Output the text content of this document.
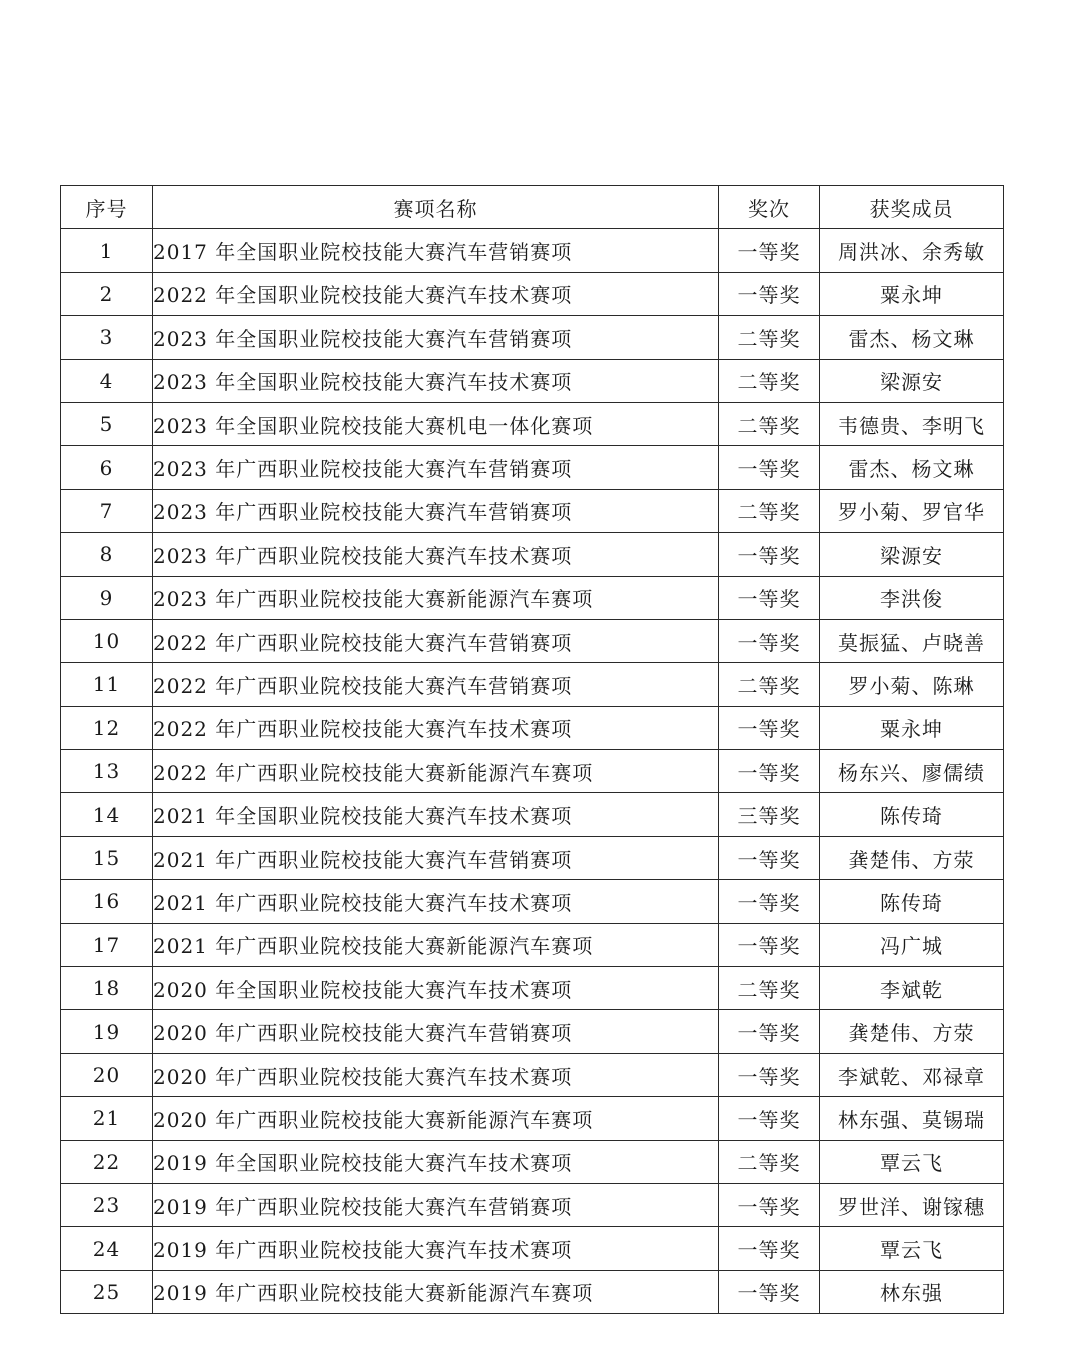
序号	赛项名称	奖次	获奖成员
1	2017 年全国职业院校技能大赛汽车营销赛项	一等奖	周洪冰、余秀敏
2	2022 年全国职业院校技能大赛汽车技术赛项	一等奖	粟永坤
3	2023 年全国职业院校技能大赛汽车营销赛项	二等奖	雷杰、杨文琳
4	2023 年全国职业院校技能大赛汽车技术赛项	二等奖	梁源安
5	2023 年全国职业院校技能大赛机电一体化赛项	二等奖	韦德贵、李明飞
6	2023 年广西职业院校技能大赛汽车营销赛项	一等奖	雷杰、杨文琳
7	2023 年广西职业院校技能大赛汽车营销赛项	二等奖	罗小菊、罗官华
8	2023 年广西职业院校技能大赛汽车技术赛项	一等奖	梁源安
9	2023 年广西职业院校技能大赛新能源汽车赛项	一等奖	李洪俊
10	2022 年广西职业院校技能大赛汽车营销赛项	一等奖	莫振猛、卢晓善
11	2022 年广西职业院校技能大赛汽车营销赛项	二等奖	罗小菊、陈琳
12	2022 年广西职业院校技能大赛汽车技术赛项	一等奖	粟永坤
13	2022 年广西职业院校技能大赛新能源汽车赛项	一等奖	杨东兴、廖儒绩
14	2021 年全国职业院校技能大赛汽车技术赛项	三等奖	陈传琦
15	2021 年广西职业院校技能大赛汽车营销赛项	一等奖	龚楚伟、方荥
16	2021 年广西职业院校技能大赛汽车技术赛项	一等奖	陈传琦
17	2021 年广西职业院校技能大赛新能源汽车赛项	一等奖	冯广城
18	2020 年全国职业院校技能大赛汽车技术赛项	二等奖	李斌乾
19	2020 年广西职业院校技能大赛汽车营销赛项	一等奖	龚楚伟、方荥
20	2020 年广西职业院校技能大赛汽车技术赛项	一等奖	李斌乾、邓禄章
21	2020 年广西职业院校技能大赛新能源汽车赛项	一等奖	林东强、莫锡瑞
22	2019 年全国职业院校技能大赛汽车技术赛项	二等奖	覃云飞
23	2019 年广西职业院校技能大赛汽车营销赛项	一等奖	罗世洋、谢镓穗
24	2019 年广西职业院校技能大赛汽车技术赛项	一等奖	覃云飞
25	2019 年广西职业院校技能大赛新能源汽车赛项	一等奖	林东强
